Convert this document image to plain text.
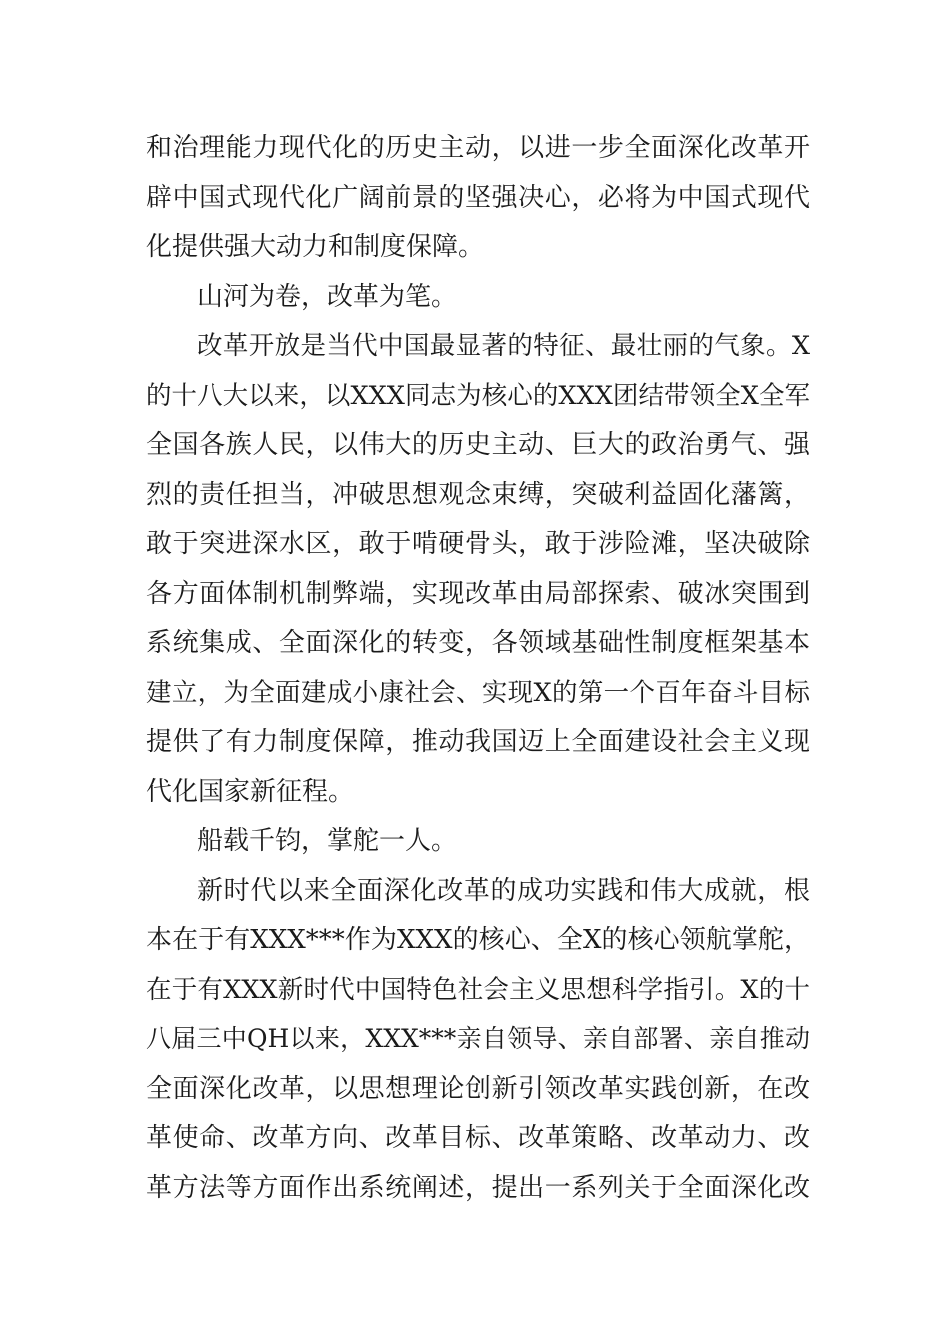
和治理能力现代化的历史主动，以进一步全面深化改革开
辟中国式现代化广阔前景的坚强决心，必将为中国式现代
化提供强大动力和制度保障。
山河为卷，改革为笔。
改革开放是当代中国最显著的特征、最壮丽的气象。X
的十八大以来，以XXX同志为核心的XXX团结带领全X全军
全国各族人民，以伟大的历史主动、巨大的政治勇气、强
烈的责任担当，冲破思想观念束缚，突破利益固化藩篱，
敢于突进深水区，敢于啃硬骨头，敢于涉险滩，坚决破除
各方面体制机制弊端，实现改革由局部探索、破冰突围到
系统集成、全面深化的转变，各领域基础性制度框架基本
建立，为全面建成小康社会、实现X的第一个百年奋斗目标
提供了有力制度保障，推动我国迈上全面建设社会主义现
代化国家新征程。
船载千钧，掌舵一人。
新时代以来全面深化改革的成功实践和伟大成就，根
本在于有XXX***作为XXX的核心、全X的核心领航掌舵，
在于有XXX新时代中国特色社会主义思想科学指引。X的十
八届三中QH以来，XXX***亲自领导、亲自部署、亲自推动
全面深化改革，以思想理论创新引领改革实践创新，在改
革使命、改革方向、改革目标、改革策略、改革动力、改
革方法等方面作出系统阐述，提出一系列关于全面深化改
